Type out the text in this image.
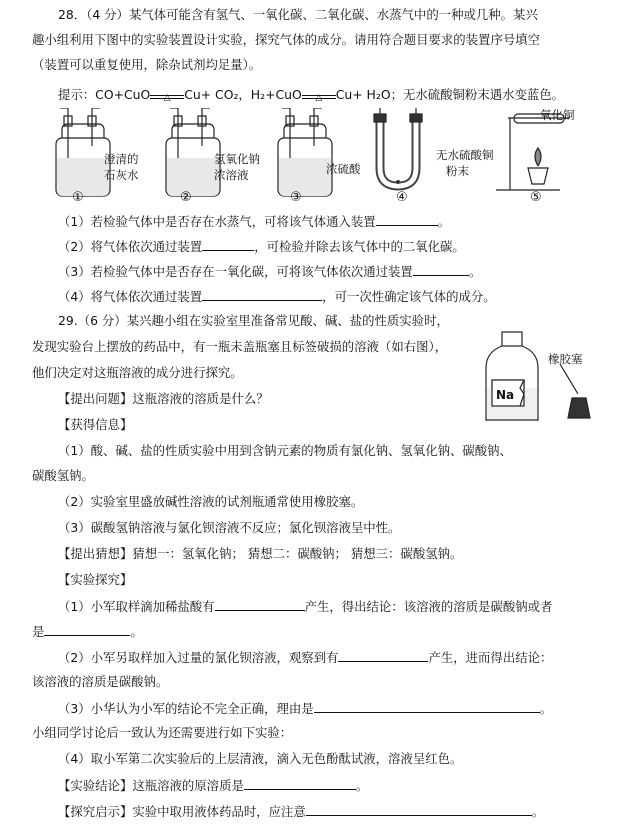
28．（4 分）某气体可能含有氢气、一氧化碳、二氧化碳、水蒸气中的一种或几种。某兴
趣小组利用下图中的实验装置设计实验，探究气体的成分。请用符合题目要求的装置序号填空
（装置可以重复使用，除杂试剂均足量）。
提示：CO+CuO	△	Cu+ CO₂，H₂+CuO	△	Cu+ H₂O；无水硫酸铜粉末遇水变蓝色。
澄清的
石灰水
氢氧化钠
浓溶液	浓硫酸
无水硫酸铜
粉末
氧化铜
①	②	③	④	⑤
（1）若检验气体中是否存在水蒸气，可将该气体通入装置	。
（2）将气体依次通过装置	，可检验并除去该气体中的二氧化碳。
（3）若检验气体中是否存在一氧化碳，可将该气体依次通过装置	。
（4）将气体依次通过装置	，可一次性确定该气体的成分。
29.（6 分）某兴趣小组在实验室里准备常见酸、碱、盐的性质实验时，
发现实验台上摆放的药品中，有一瓶未盖瓶塞且标签破损的溶液（如右图），
他们决定对这瓶溶液的成分进行探究。
Na
橡胶塞
【提出问题】这瓶溶液的溶质是什么？
【获得信息】
（1）酸、碱、盐的性质实验中用到含钠元素的物质有氯化钠、氢氧化钠、碳酸钠、
碳酸氢钠。
（2）实验室里盛放碱性溶液的试剂瓶通常使用橡胶塞。
（3）碳酸氢钠溶液与氯化钡溶液不反应；氯化钡溶液呈中性。
【提出猜想】猜想一：氢氧化钠； 猜想二：碳酸钠； 猜想三：碳酸氢钠。
【实验探究】
（1）小军取样滴加稀盐酸有	产生，得出结论：该溶液的溶质是碳酸钠或者
是	。
（2）小军另取样加入过量的氯化钡溶液，观察到有	产生，进而得出结论：
该溶液的溶质是碳酸钠。
（3）小华认为小军的结论不完全正确，理由是	。
小组同学讨论后一致认为还需要进行如下实验：
（4）取小军第二次实验后的上层清液，滴入无色酚酞试液，溶液呈红色。
【实验结论】这瓶溶液的原溶质是	。
【探究启示】实验中取用液体药品时，应注意	。
